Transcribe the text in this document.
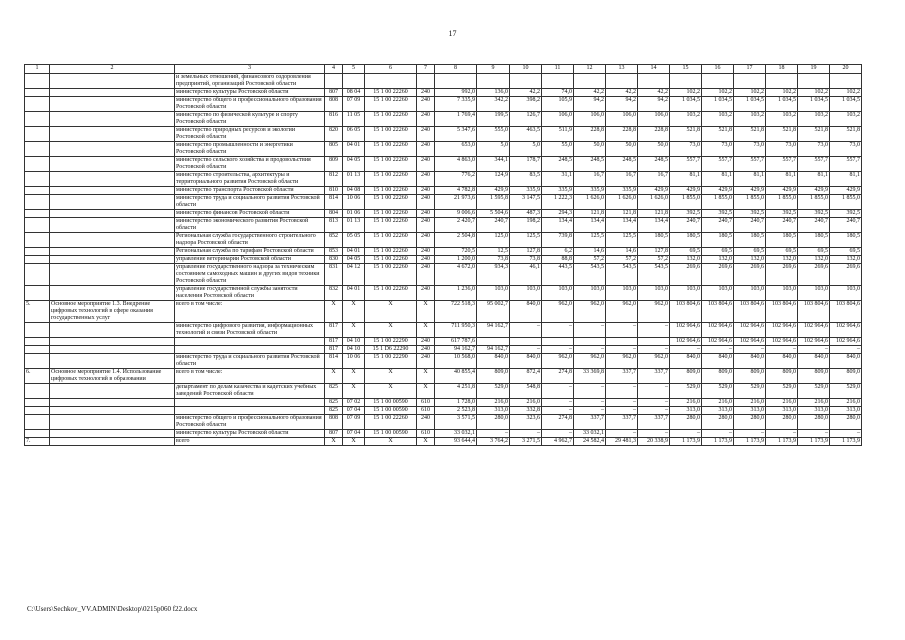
17
1	2	3	4	5	6	7	8	9	10	11	12	13	14	15	16	17	18	19	20
		и земельных отношений, финансового оздоровления предприятий, организаций Ростовской области																	
		министерство культуры Ростовской области	807	08 04	15 1 00 22260	240	992,0	136,0	42,2	74,0	42,2	42,2	42,2	102,2	102,2	102,2	102,2	102,2	102,2
		министерство общего и профессионального образования Ростовской области	808	07 09	15 1 00 22260	240	7 335,9	342,2	398,2	105,9	94,2	94,2	94,2	1 034,5	1 034,5	1 034,5	1 034,5	1 034,5	1 034,5
		министерство по физической культуре и спорту Ростовской области	816	11 05	15 1 00 22260	240	1 769,4	199,5	126,7	106,0	106,0	106,0	106,0	103,2	103,2	103,2	103,2	103,2	103,2
		министерство природных ресурсов и экологии Ростовской области	820	06 05	15 1 00 22260	240	5 347,6	555,0	463,5	511,9	228,8	228,8	228,8	521,8	521,8	521,8	521,8	521,8	521,8
		министерство промышленности и энергетики Ростовской области	805	04 01	15 1 00 22260	240	653,0	5,0	5,0	55,0	50,0	50,0	50,0	73,0	73,0	73,0	73,0	73,0	73,0
		министерство сельского хозяйства и продовольствия Ростовской области	809	04 05	15 1 00 22260	240	4 863,0	344,1	178,7	248,5	248,5	248,5	248,5	557,7	557,7	557,7	557,7	557,7	557,7
		министерство строительства, архитектуры и территориального развития Ростовской области	812	01 13	15 1 00 22260	240	776,2	124,9	83,5	31,1	16,7	16,7	16,7	81,1	81,1	81,1	81,1	81,1	81,1
		министерство транспорта Ростовской области	810	04 08	15 1 00 22260	240	4 782,8	429,9	335,9	335,9	335,9	335,9	429,9	429,9	429,9	429,9	429,9	429,9	429,9
		министерство труда и социального развития Ростовской области	814	10 06	15 1 00 22260	240	21 973,6	1 595,8	3 147,5	1 222,3	1 626,0	1 626,0	1 626,0	1 855,0	1 855,0	1 855,0	1 855,0	1 855,0	1 855,0
		министерство финансов Ростовской области	804	01 06	15 1 00 22260	240	9 006,6	5 504,6	487,3	294,3	121,8	121,8	121,8	392,5	392,5	392,5	392,5	392,5	392,5
		министерство экономического развития Ростовской области	813	01 13	15 1 00 22260	240	2 420,7	240,7	198,2	134,4	134,4	134,4	134,4	240,7	240,7	240,7	240,7	240,7	240,7
		Региональная служба государственного строительного надзора Ростовской области	852	05 05	15 1 00 22260	240	2 504,8	125,0	125,5	739,8	125,5	125,5	180,5	180,5	180,5	180,5	180,5	180,5	180,5
		Региональная служба по тарифам Ростовской области	853	04 01	15 1 00 22260	240	720,5	12,5	127,8	6,2	14,6	14,6	127,8	69,5	69,5	69,5	69,5	69,5	69,5
		управление ветеринарии Ростовской области	830	04 05	15 1 00 22260	240	1 200,0	73,8	73,8	88,8	57,2	57,2	57,2	132,0	132,0	132,0	132,0	132,0	132,0
		управление государственного надзора за техническим состоянием самоходных машин и других видов техники Ростовской области	831	04 12	15 1 00 22260	240	4 672,0	934,3	46,1	443,5	543,5	543,5	543,5	269,6	269,6	269,6	269,6	269,6	269,6
		управление государственной службы занятости населения Ростовской области	832	04 01	15 1 00 22260	240	1 236,0	103,0	103,0	103,0	103,0	103,0	103,0	103,0	103,0	103,0	103,0	103,0	103,0
5.	Основное мероприятие 1.3. Внедрение цифровых технологий в сфере оказания государственных услуг	всего в том числе:	X	X	X	X	722 518,3	95 002,7	840,0	962,0	962,0	962,0	962,0	103 804,6	103 804,6	103 804,6	103 804,6	103 804,6	103 804,6
		министерство цифрового развития, информационных технологий и связи Ростовской области	817	X	X	X	711 950,3	94 162,7	–	–	–	–	–	102 964,6	102 964,6	102 964,6	102 964,6	102 964,6	102 964,6
			817	04 10	15 1 00 22290	240	617 787,6							102 964,6	102 964,6	102 964,6	102 964,6	102 964,6	102 964,6
			817	04 10	15 1 D6 22290	240	94 162,7	94 162,7	–	–	–	–	–	–	–	–	–	–	–
		министерство труда и социального развития Ростовской области	814	10 06	15 1 00 22290	240	10 568,0	840,0	840,0	962,0	962,0	962,0	962,0	840,0	840,0	840,0	840,0	840,0	840,0
6.	Основное мероприятие 1.4. Использование цифровых технологий в образовании	всего в том числе:	X	X	X	X	40 855,4	809,0	872,4	274,8	33 369,8	337,7	337,7	809,0	809,0	809,0	809,0	809,0	809,0
		департамент по делам казачества и кадетских учебных заведений Ростовской области	825	X	X	X	4 251,8	529,0	548,8	–	–	–	–	529,0	529,0	529,0	529,0	529,0	529,0
			825	07 02	15 1 00 00590	610	1 728,0	216,0	216,0	–	–	–	–	216,0	216,0	216,0	216,0	216,0	216,0
			825	07 04	15 1 00 00590	610	2 523,8	313,0	332,8	–	–	–	–	313,0	313,0	313,0	313,0	313,0	313,0
		министерство общего и профессионального образования Ростовской области	808	07 09	15 1 00 22260	240	3 571,5	280,0	323,6	274,8	337,7	337,7	337,7	280,0	280,0	280,0	280,0	280,0	280,0
		министерство культуры Ростовской области	807	07 04	15 1 00 00590	610	33 032,1	–	–	–	33 032,1	–	–	–	–	–	–	–	–
7.		всего	X	X	X	X	93 644,4	3 764,2	3 271,5	4 962,7	24 582,4	29 481,3	20 338,9	1 173,9	1 173,9	1 173,9	1 173,9	1 173,9	1 173,9
C:\Users\Sechkov_VV.ADMIN\Desktop\0215p060 f22.docx
